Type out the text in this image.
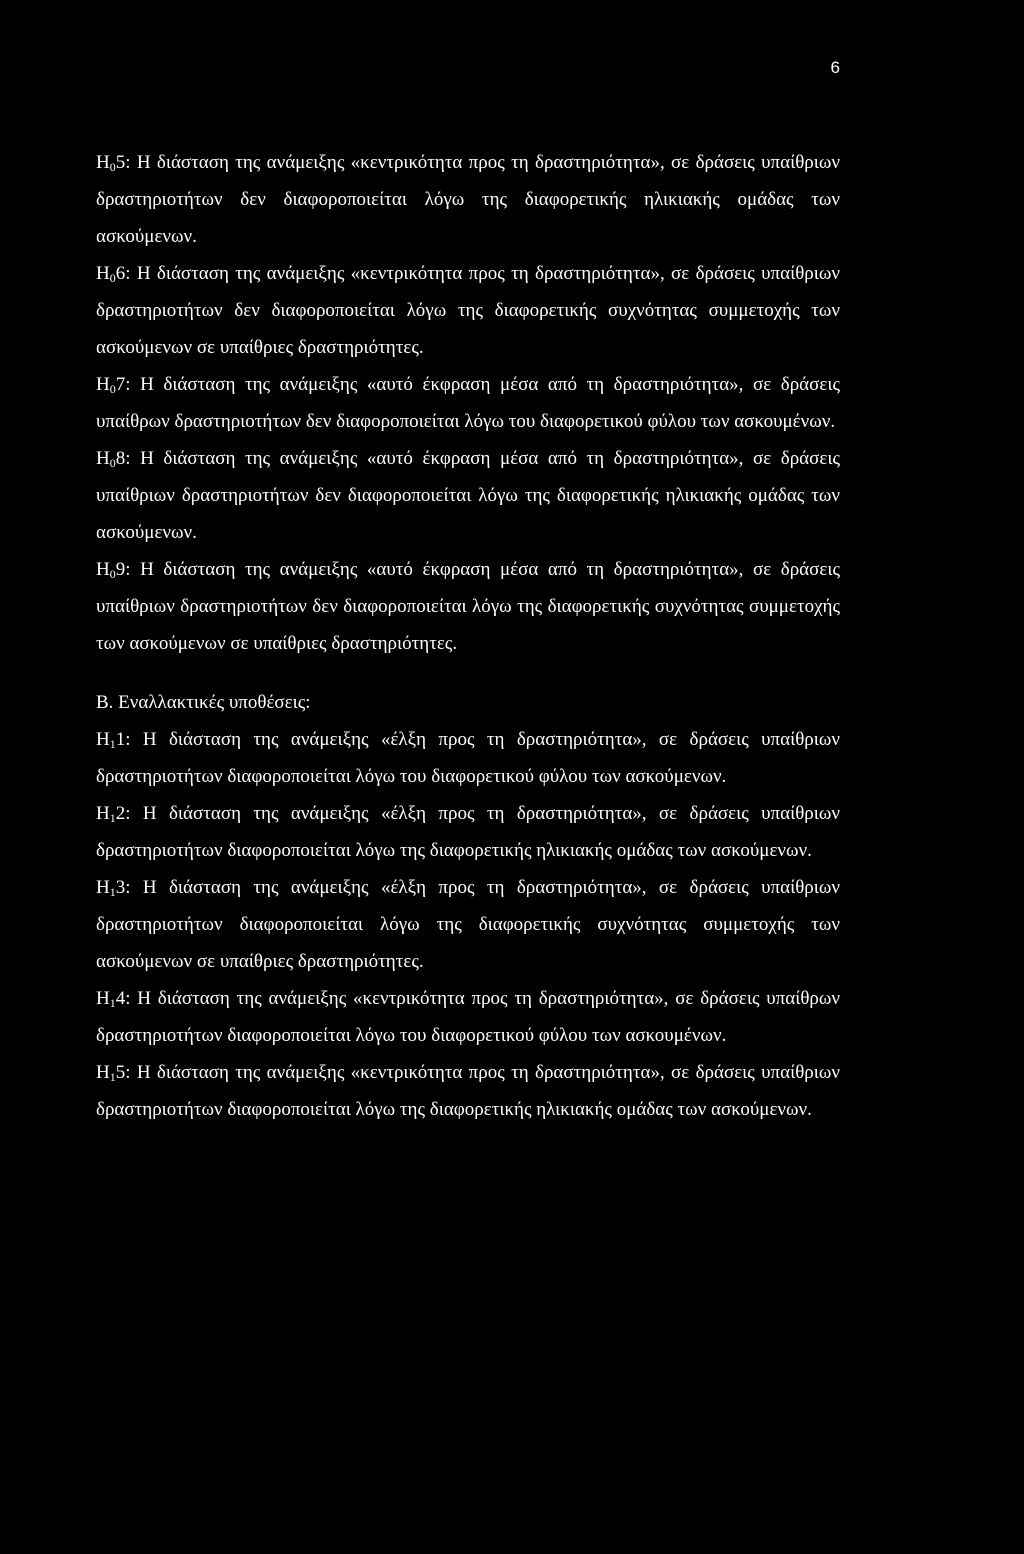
6

$H_05$: Η διάσταση της ανάμειξης «κεντρικότητα προς τη δραστηριότητα», σε δράσεις υπαίθριων δραστηριοτήτων δεν διαφοροποιείται λόγω της διαφορετικής ηλικιακής ομάδας των ασκούμενων.

$H_06$: Η διάσταση της ανάμειξης «κεντρικότητα προς τη δραστηριότητα», σε δράσεις υπαίθριων δραστηριοτήτων δεν διαφοροποιείται λόγω της διαφορετικής συχνότητας συμμετοχής των ασκούμενων σε υπαίθριες δραστηριότητες.

$H_07$: Η διάσταση της ανάμειξης «αυτό έκφραση μέσα από τη δραστηριότητα», σε δράσεις υπαίθρων δραστηριοτήτων δεν διαφοροποιείται λόγω του διαφορετικού φύλου των ασκουμένων.

$H_08$: Η διάσταση της ανάμειξης «αυτό έκφραση μέσα από τη δραστηριότητα», σε δράσεις υπαίθριων δραστηριοτήτων δεν διαφοροποιείται λόγω της διαφορετικής ηλικιακής ομάδας των ασκούμενων.

$H_09$: Η διάσταση της ανάμειξης «αυτό έκφραση μέσα από τη δραστηριότητα», σε δράσεις υπαίθριων δραστηριοτήτων δεν διαφοροποιείται λόγω της διαφορετικής συχνότητας συμμετοχής των ασκούμενων σε υπαίθριες δραστηριότητες.

Β. Εναλλακτικές υποθέσεις:

$H_11$: Η διάσταση της ανάμειξης «έλξη προς τη δραστηριότητα», σε δράσεις υπαίθριων δραστηριοτήτων διαφοροποιείται λόγω του διαφορετικού φύλου των ασκούμενων.

$H_12$: Η διάσταση της ανάμειξης «έλξη προς τη δραστηριότητα», σε δράσεις υπαίθριων δραστηριοτήτων διαφοροποιείται λόγω της διαφορετικής ηλικιακής ομάδας των ασκούμενων.

$H_13$: Η διάσταση της ανάμειξης «έλξη προς τη δραστηριότητα», σε δράσεις υπαίθριων δραστηριοτήτων διαφοροποιείται λόγω της διαφορετικής συχνότητας συμμετοχής των ασκούμενων σε υπαίθριες δραστηριότητες.

$H_14$: Η διάσταση της ανάμειξης «κεντρικότητα προς τη δραστηριότητα», σε δράσεις υπαίθρων δραστηριοτήτων διαφοροποιείται λόγω του διαφορετικού φύλου των ασκουμένων.

$H_15$: Η διάσταση της ανάμειξης «κεντρικότητα προς τη δραστηριότητα», σε δράσεις υπαίθριων δραστηριοτήτων διαφοροποιείται λόγω της διαφορετικής ηλικιακής ομάδας των ασκούμενων.
